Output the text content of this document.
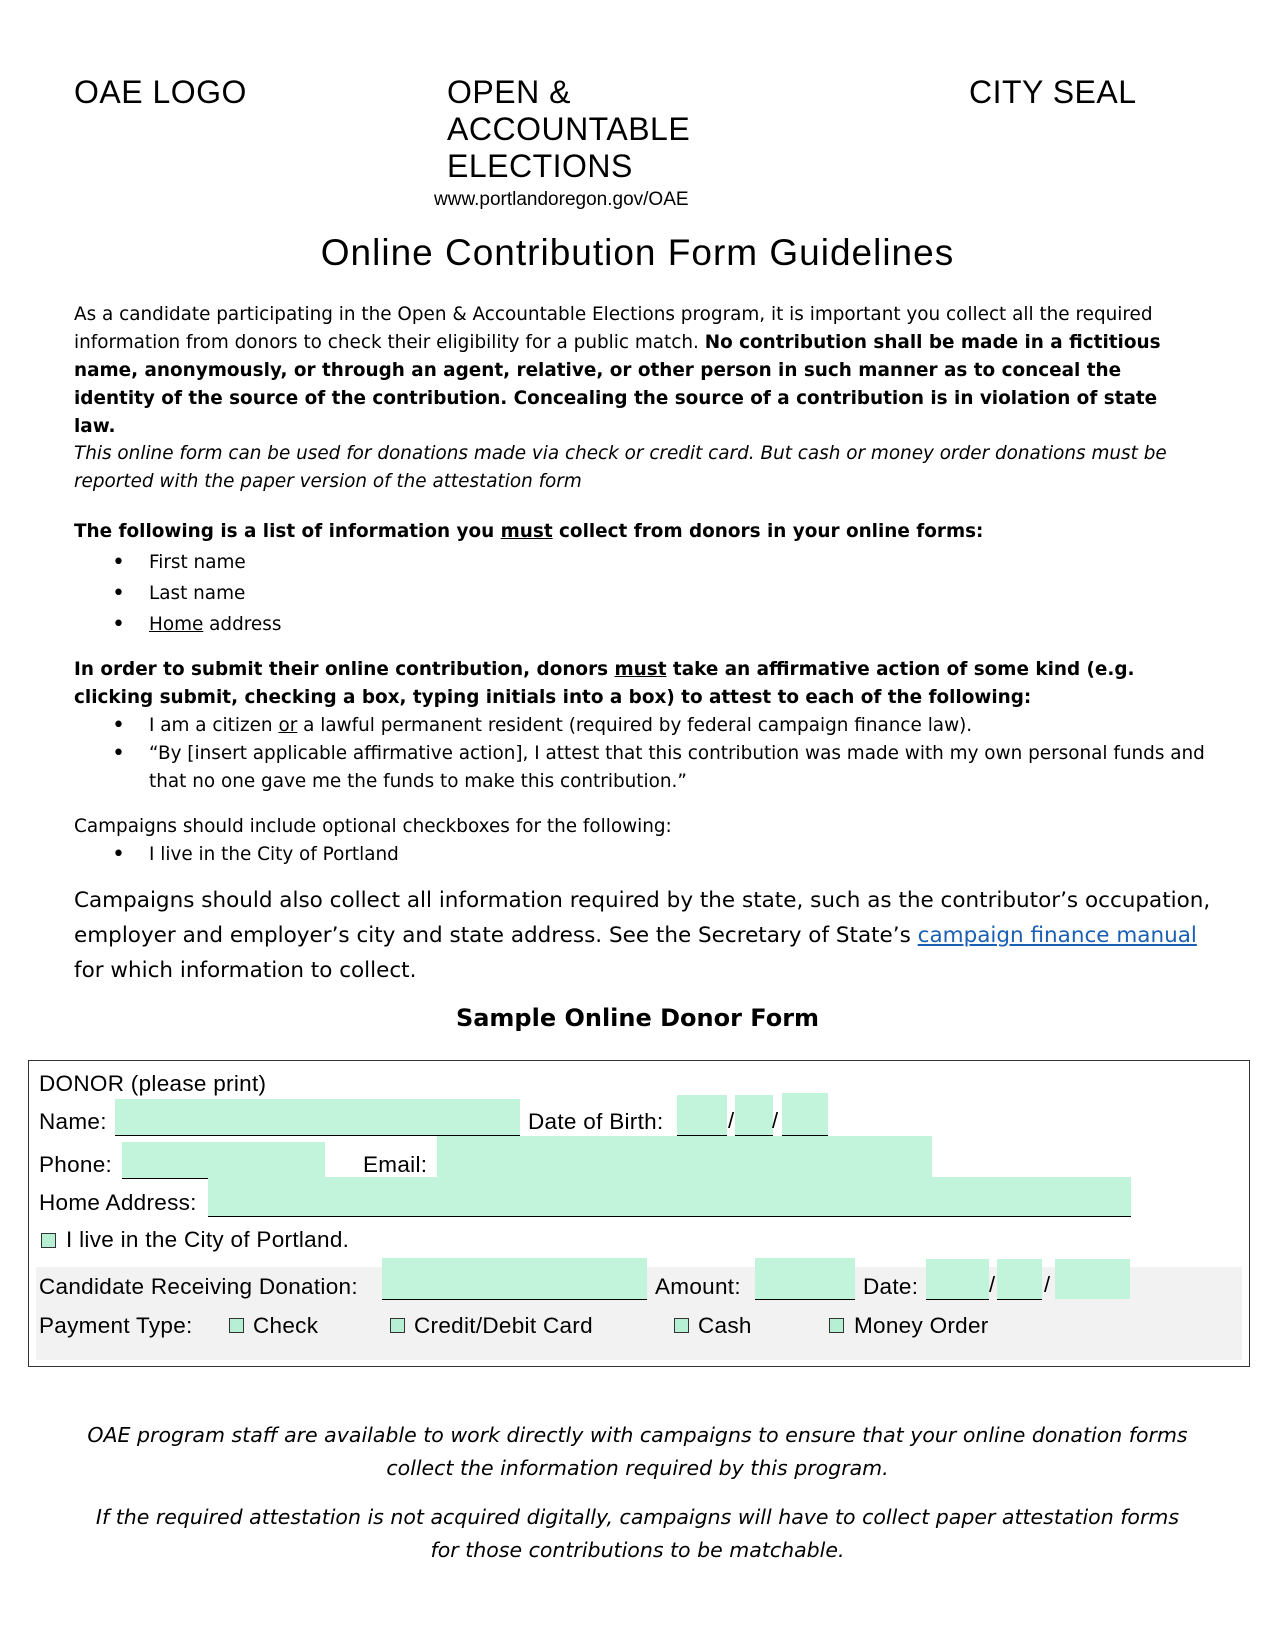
OAE LOGO	OPEN &
ACCOUNTABLE
ELECTIONS
CITY SEAL
www.portlandoregon.gov/OAE
Online Contribution Form Guidelines

As a candidate participating in the Open & Accountable Elections program, it is important you collect all the required information from donors to check their eligibility for a public match. No contribution shall be made in a fictitious name, anonymously, or through an agent, relative, or other person in such manner as to conceal the identity of the source of the contribution. Concealing the source of a contribution is in violation of state law.

This online form can be used for donations made via check or credit card. But cash or money order donations must be reported with the paper version of the attestation form

The following is a list of information you must collect from donors in your online forms:

• First name
• Last name
• Home address

In order to submit their online contribution, donors must take an affirmative action of some kind (e.g. clicking submit, checking a box, typing initials into a box) to attest to each of the following:

• I am a citizen or a lawful permanent resident (required by federal campaign finance law).
• “By [insert applicable affirmative action], I attest that this contribution was made with my own personal funds and that no one gave me the funds to make this contribution.”

Campaigns should include optional checkboxes for the following:

• I live in the City of Portland
Campaigns should also collect all information required by the state, such as the contributor’s occupation, employer and employer’s city and state address. See the Secretary of State’s campaign finance manual for which information to collect.
Sample Online Donor Form
DONOR (please print)
Name:	Date of Birth:	/ /
Phone:	Email:
Home Address:
I live in the City of Portland.
Candidate Receiving Donation:	Amount:	Date:	/ /
Payment Type:	Check	Credit/Debit Card	Cash	Money Order
OAE program staff are available to work directly with campaigns to ensure that your online donation forms collect the information required by this program.
If the required attestation is not acquired digitally, campaigns will have to collect paper attestation forms for those contributions to be matchable.
